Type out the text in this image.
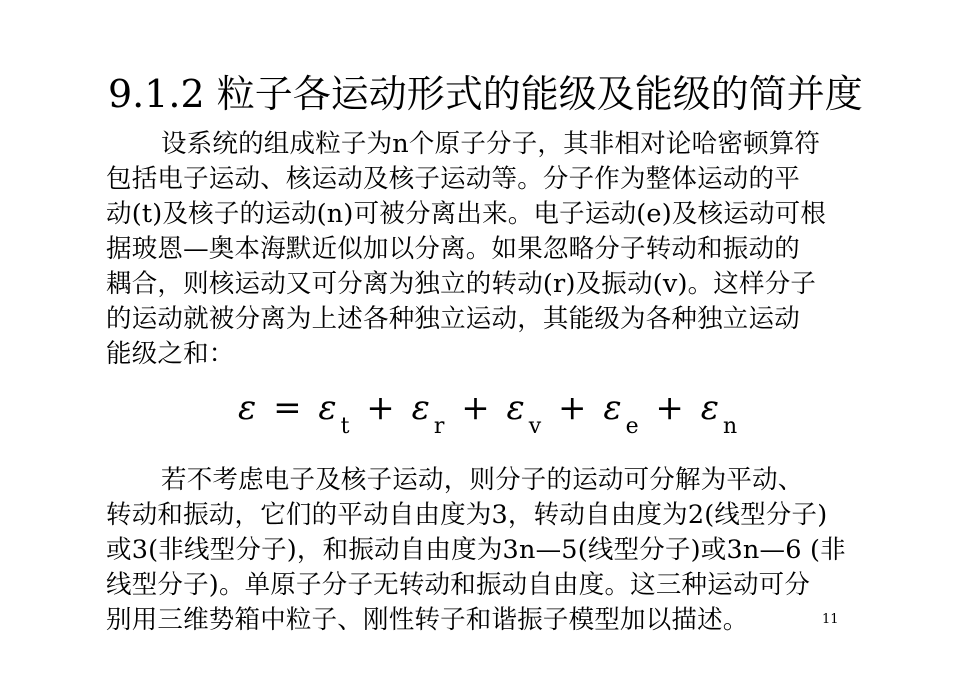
9.1.2 粒子各运动形式的能级及能级的简并度
设系统的组成粒子为n个原子分子，其非相对论哈密顿算符
包括电子运动、核运动及核子运动等。分子作为整体运动的平
动(t)及核子的运动(n)可被分离出来。电子运动(e)及核运动可根
据玻恩—奥本海默近似加以分离。如果忽略分子转动和振动的
耦合，则核运动又可分离为独立的转动(r)及振动(v)。这样分子
的运动就被分离为上述各种独立运动，其能级为各种独立运动
能级之和：
ε = ε $_t$ + ε $_r$ + ε $_v$ + ε $_e$ + ε $_n$
若不考虑电子及核子运动，则分子的运动可分解为平动、
转动和振动，它们的平动自由度为3，转动自由度为2(线型分子)
或3(非线型分子)，和振动自由度为3n—5(线型分子)或3n—6 (非
线型分子)。单原子分子无转动和振动自由度。这三种运动可分
别用三维势箱中粒子、刚性转子和谐振子模型加以描述。	11
